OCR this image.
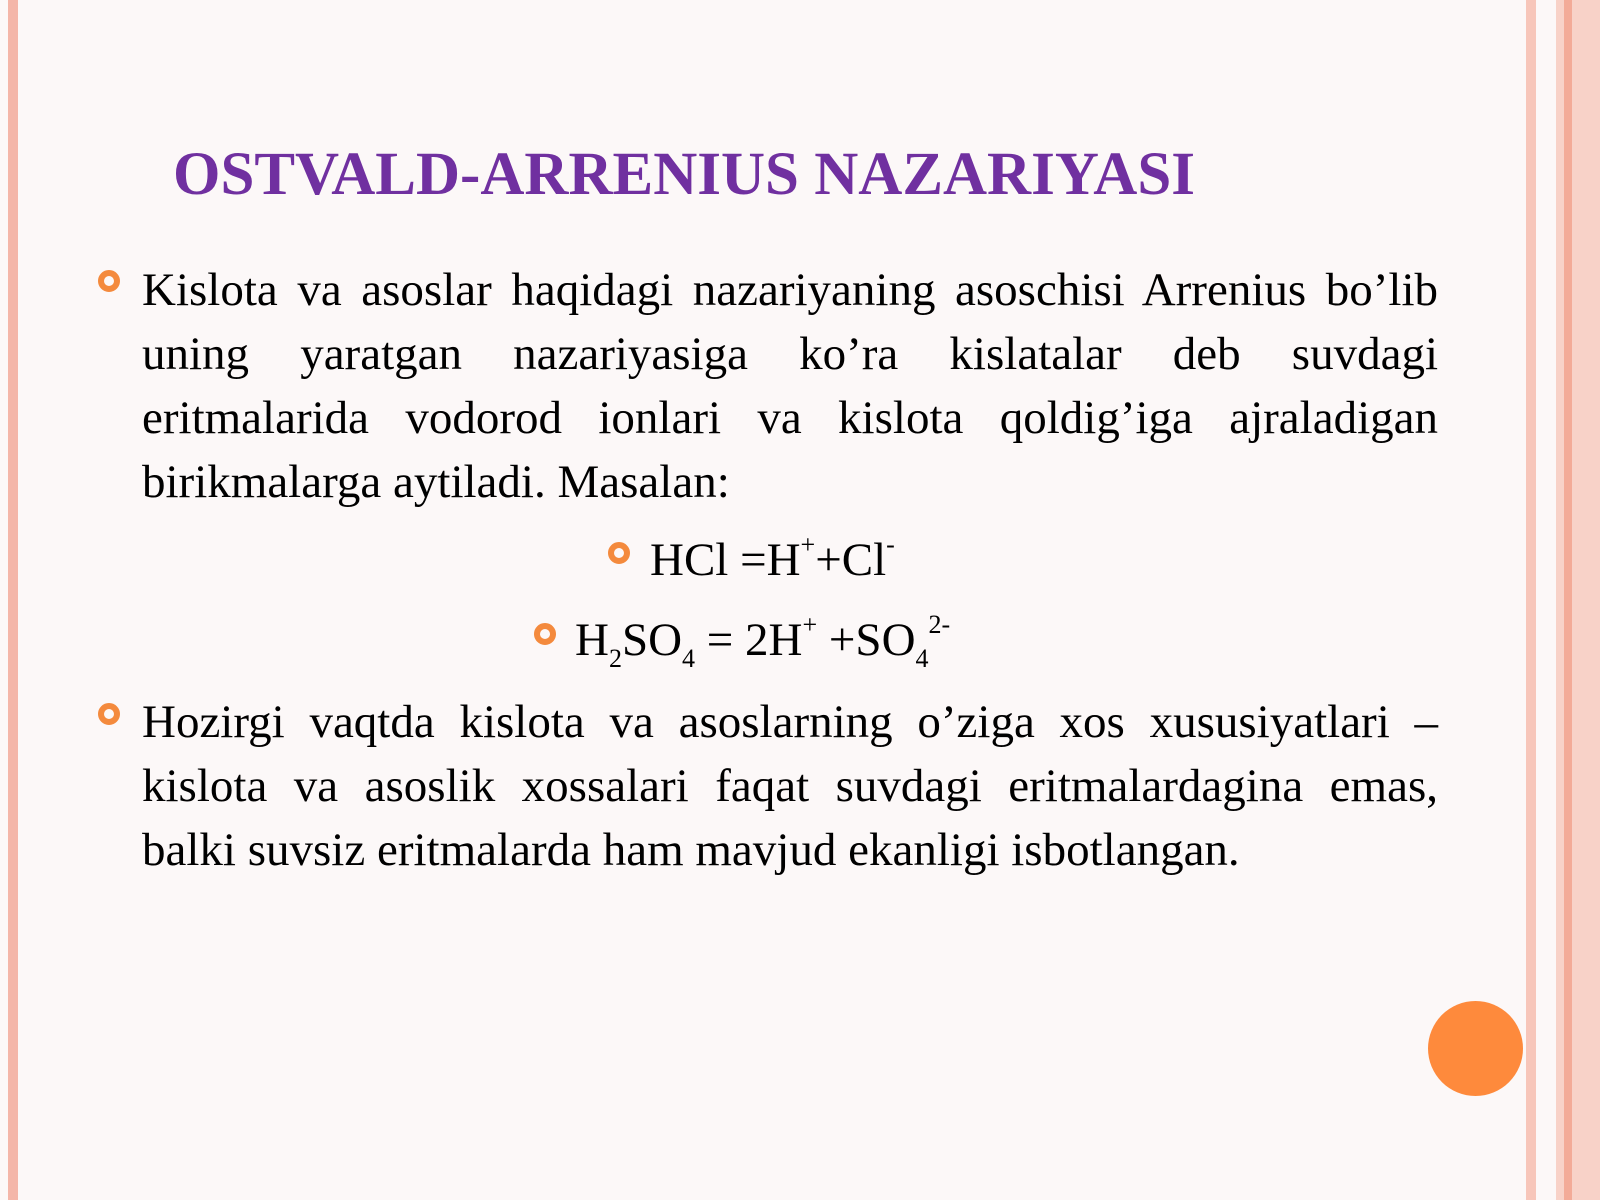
OSTVALD-ARRENIUS NAZARIYASI

Kislota va asoslar haqidagi nazariyaning asoschisi Arrenius bo’lib uning yaratgan nazariyasiga ko’ra kislatalar deb suvdagi eritmalarida vodorod ionlari va kislota qoldig’iga ajraladigan birikmalarga aytiladi. Masalan:

HCl =H++Cl-

$H_2SO_4 = 2H^+ +SO_4^{2-}$

Hozirgi vaqtda kislota va asoslarning o’ziga xos xususiyatlari – kislota va asoslik xossalari faqat suvdagi eritmalardagina emas, balki suvsiz eritmalarda ham mavjud ekanligi isbotlangan.
